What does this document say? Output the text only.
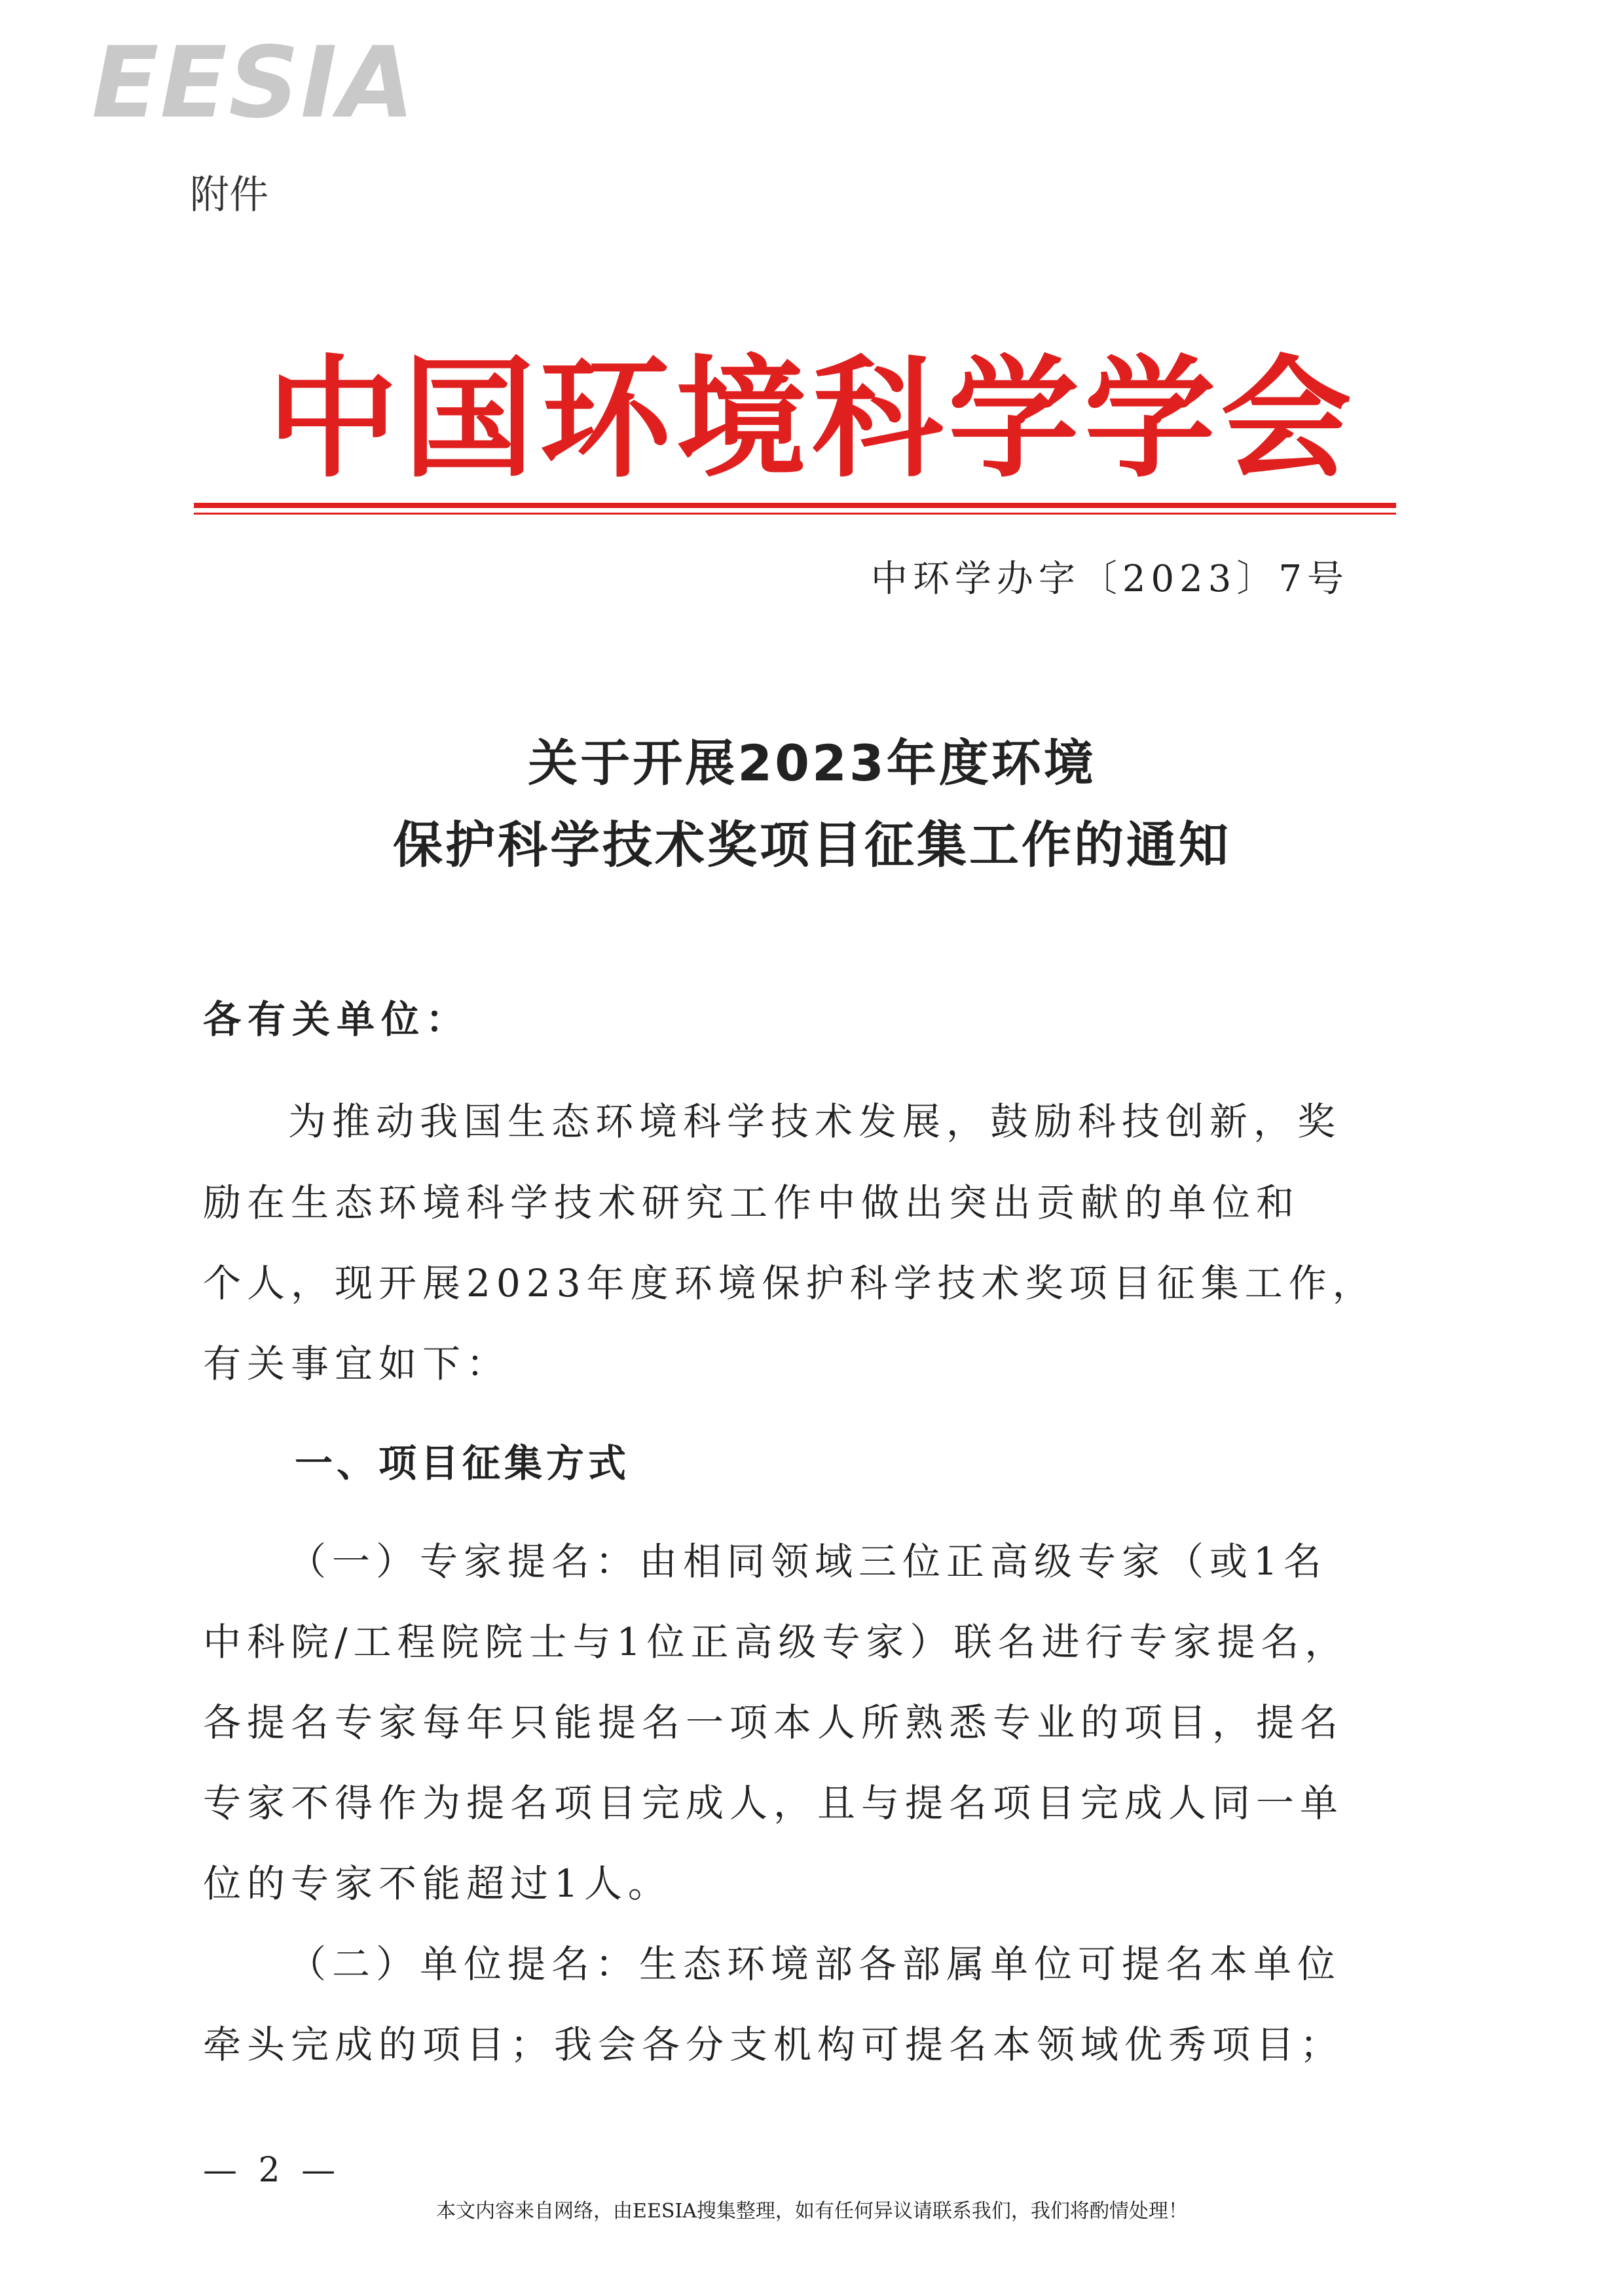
EESIA
附件
中国环境科学学会
中环学办字〔2023〕7号
关于开展2023年度环境
保护科学技术奖项目征集工作的通知
各有关单位：
为推动我国生态环境科学技术发展，鼓励科技创新，奖
励在生态环境科学技术研究工作中做出突出贡献的单位和
个人，现开展2023年度环境保护科学技术奖项目征集工作，
有关事宜如下：
一、项目征集方式
（一）专家提名：由相同领域三位正高级专家（或1名
中科院/工程院院士与1位正高级专家）联名进行专家提名，
各提名专家每年只能提名一项本人所熟悉专业的项目，提名
专家不得作为提名项目完成人，且与提名项目完成人同一单
位的专家不能超过1人。
（二）单位提名：生态环境部各部属单位可提名本单位
牵头完成的项目；我会各分支机构可提名本领域优秀项目；
— 2 —
本文内容来自网络，由EESIA搜集整理，如有任何异议请联系我们，我们将酌情处理！
